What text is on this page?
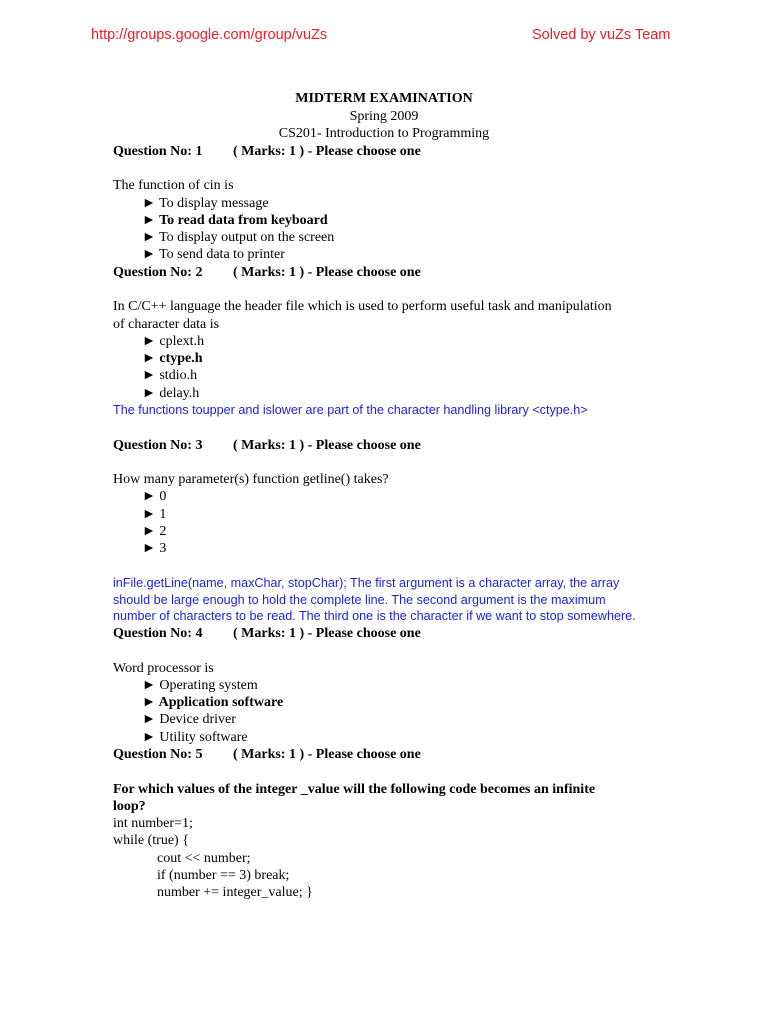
http://groups.google.com/group/vuZs	Solved by vuZs Team
MIDTERM EXAMINATION
Spring 2009
CS201- Introduction to Programming
Question No: 1 ( Marks: 1 ) - Please choose one
The function of cin is
► To display message
► To read data from keyboard
► To display output on the screen
► To send data to printer
Question No: 2 ( Marks: 1 ) - Please choose one
In C/C++ language the header file which is used to perform useful task and manipulation
of character data is
► cplext.h
► ctype.h
► stdio.h
► delay.h
The functions toupper and islower are part of the character handling library <ctype.h>
Question No: 3 ( Marks: 1 ) - Please choose one
How many parameter(s) function getline() takes?
► 0
► 1
► 2
► 3
inFile.getLine(name, maxChar, stopChar); The first argument is a character array, the array
should be large enough to hold the complete line. The second argument is the maximum
number of characters to be read. The third one is the character if we want to stop somewhere.
Question No: 4 ( Marks: 1 ) - Please choose one
Word processor is
► Operating system
► Application software
► Device driver
► Utility software
Question No: 5 ( Marks: 1 ) - Please choose one
For which values of the integer _value will the following code becomes an infinite
loop?
int number=1;
while (true) {
cout << number;
if (number == 3) break;
number += integer_value; }
